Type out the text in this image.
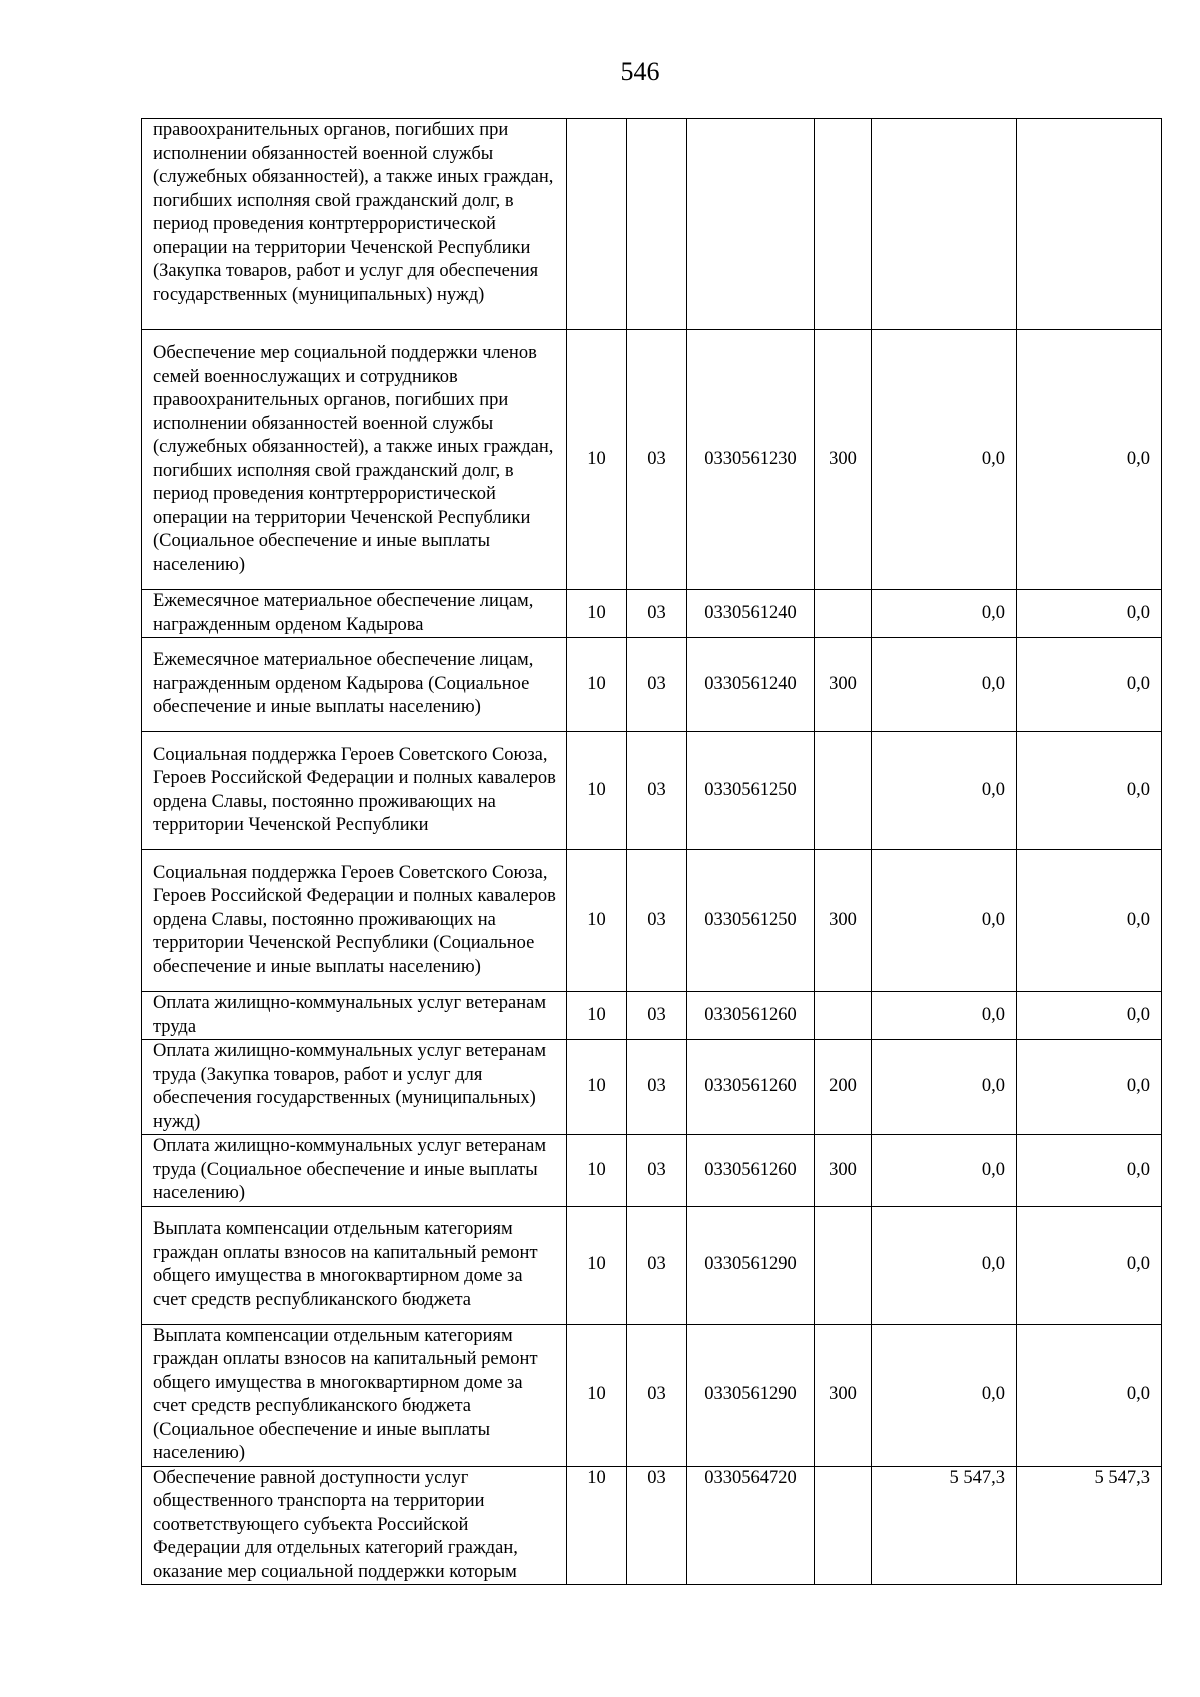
546
правоохранительных органов, погибших при исполнении обязанностей военной службы (служебных обязанностей), а также иных граждан, погибших исполняя свой гражданский долг, в период проведения контртеррористической операции на территории Чеченской Республики (Закупка товаров, работ и услуг для обеспечения государственных (муниципальных) нужд)						
Обеспечение мер социальной поддержки членов семей военнослужащих и сотрудников правоохранительных органов, погибших при исполнении обязанностей военной службы (служебных обязанностей), а также иных граждан, погибших исполняя свой гражданский долг, в период проведения контртеррористической операции на территории Чеченской Республики (Социальное обеспечение и иные выплаты населению)	10	03	0330561230	300	0,0	0,0
Ежемесячное материальное обеспечение лицам, награжденным орденом Кадырова	10	03	0330561240		0,0	0,0
Ежемесячное материальное обеспечение лицам, награжденным орденом Кадырова (Социальное обеспечение и иные выплаты населению)	10	03	0330561240	300	0,0	0,0
Социальная поддержка Героев Советского Союза, Героев Российской Федерации и полных кавалеров ордена Славы, постоянно проживающих на территории Чеченской Республики	10	03	0330561250		0,0	0,0
Социальная поддержка Героев Советского Союза, Героев Российской Федерации и полных кавалеров ордена Славы, постоянно проживающих на территории Чеченской Республики (Социальное обеспечение и иные выплаты населению)	10	03	0330561250	300	0,0	0,0
Оплата жилищно-коммунальных услуг ветеранам труда	10	03	0330561260		0,0	0,0
Оплата жилищно-коммунальных услуг ветеранам труда (Закупка товаров, работ и услуг для обеспечения государственных (муниципальных) нужд)	10	03	0330561260	200	0,0	0,0
Оплата жилищно-коммунальных услуг ветеранам труда (Социальное обеспечение и иные выплаты населению)	10	03	0330561260	300	0,0	0,0
Выплата компенсации отдельным категориям граждан оплаты взносов на капитальный ремонт общего имущества в многоквартирном доме за счет средств республиканского бюджета	10	03	0330561290		0,0	0,0
Выплата компенсации отдельным категориям граждан оплаты взносов на капитальный ремонт общего имущества в многоквартирном доме за счет средств республиканского бюджета (Социальное обеспечение и иные выплаты населению)	10	03	0330561290	300	0,0	0,0
Обеспечение равной доступности услуг общественного транспорта на территории соответствующего субъекта Российской Федерации для отдельных категорий граждан, оказание мер социальной поддержки которым	10	03	0330564720		5 547,3	5 547,3
